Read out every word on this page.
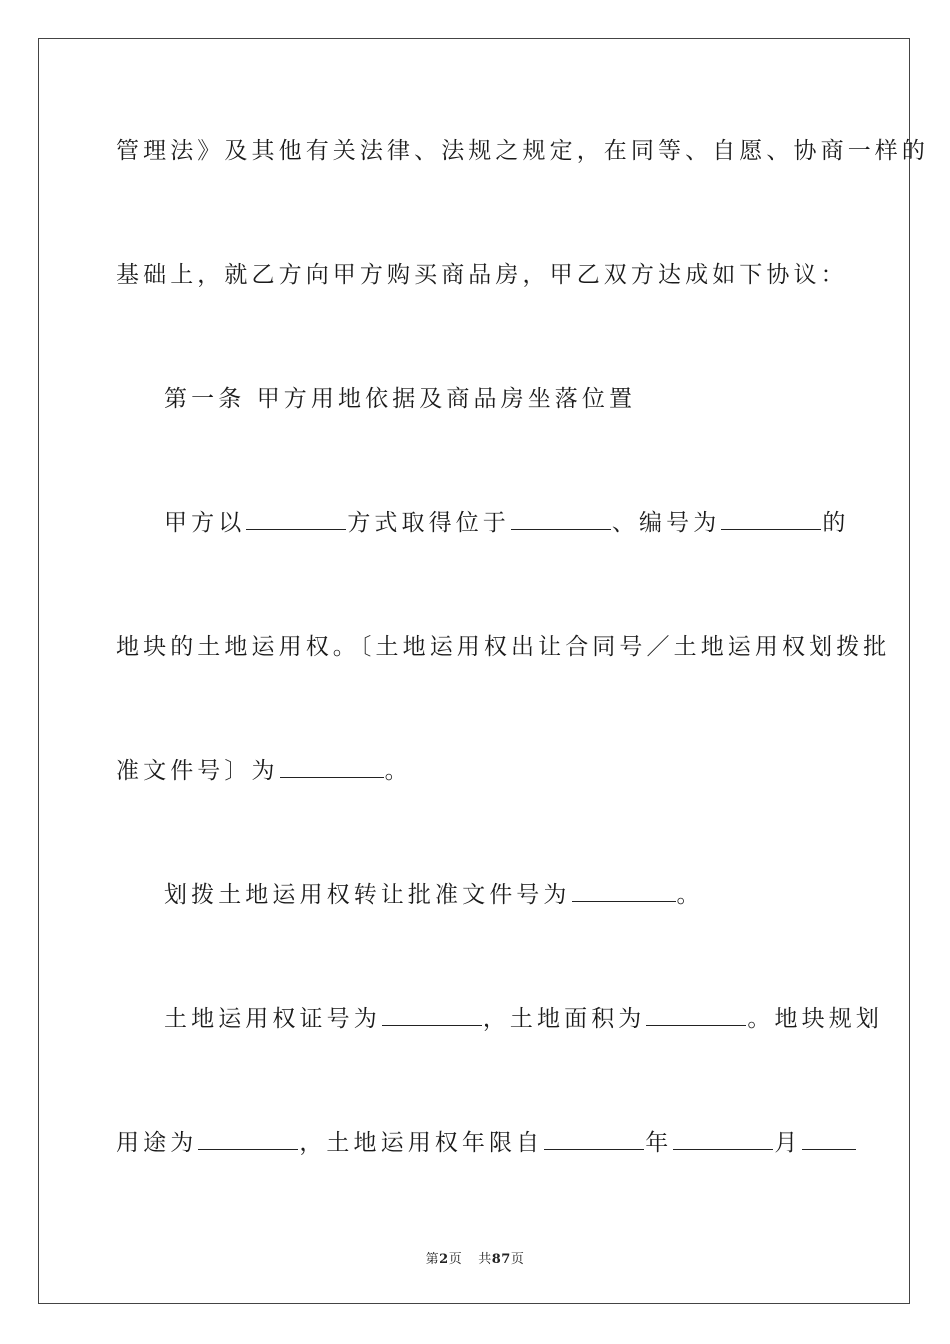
管理法》及其他有关法律、法规之规定，在同等、自愿、协商一样的
基础上，就乙方向甲方购买商品房，甲乙双方达成如下协议：
第一条 甲方用地依据及商品房坐落位置
甲方以	方式取得位于	、编号为	的
地块的土地运用权。〔土地运用权出让合同号／土地运用权划拨批
准文件号〕为	。
划拨土地运用权转让批准文件号为	。
土地运用权证号为	，土地面积为	。地块规划
用途为	，土地运用权年限自	年	月
第2页 共87页
